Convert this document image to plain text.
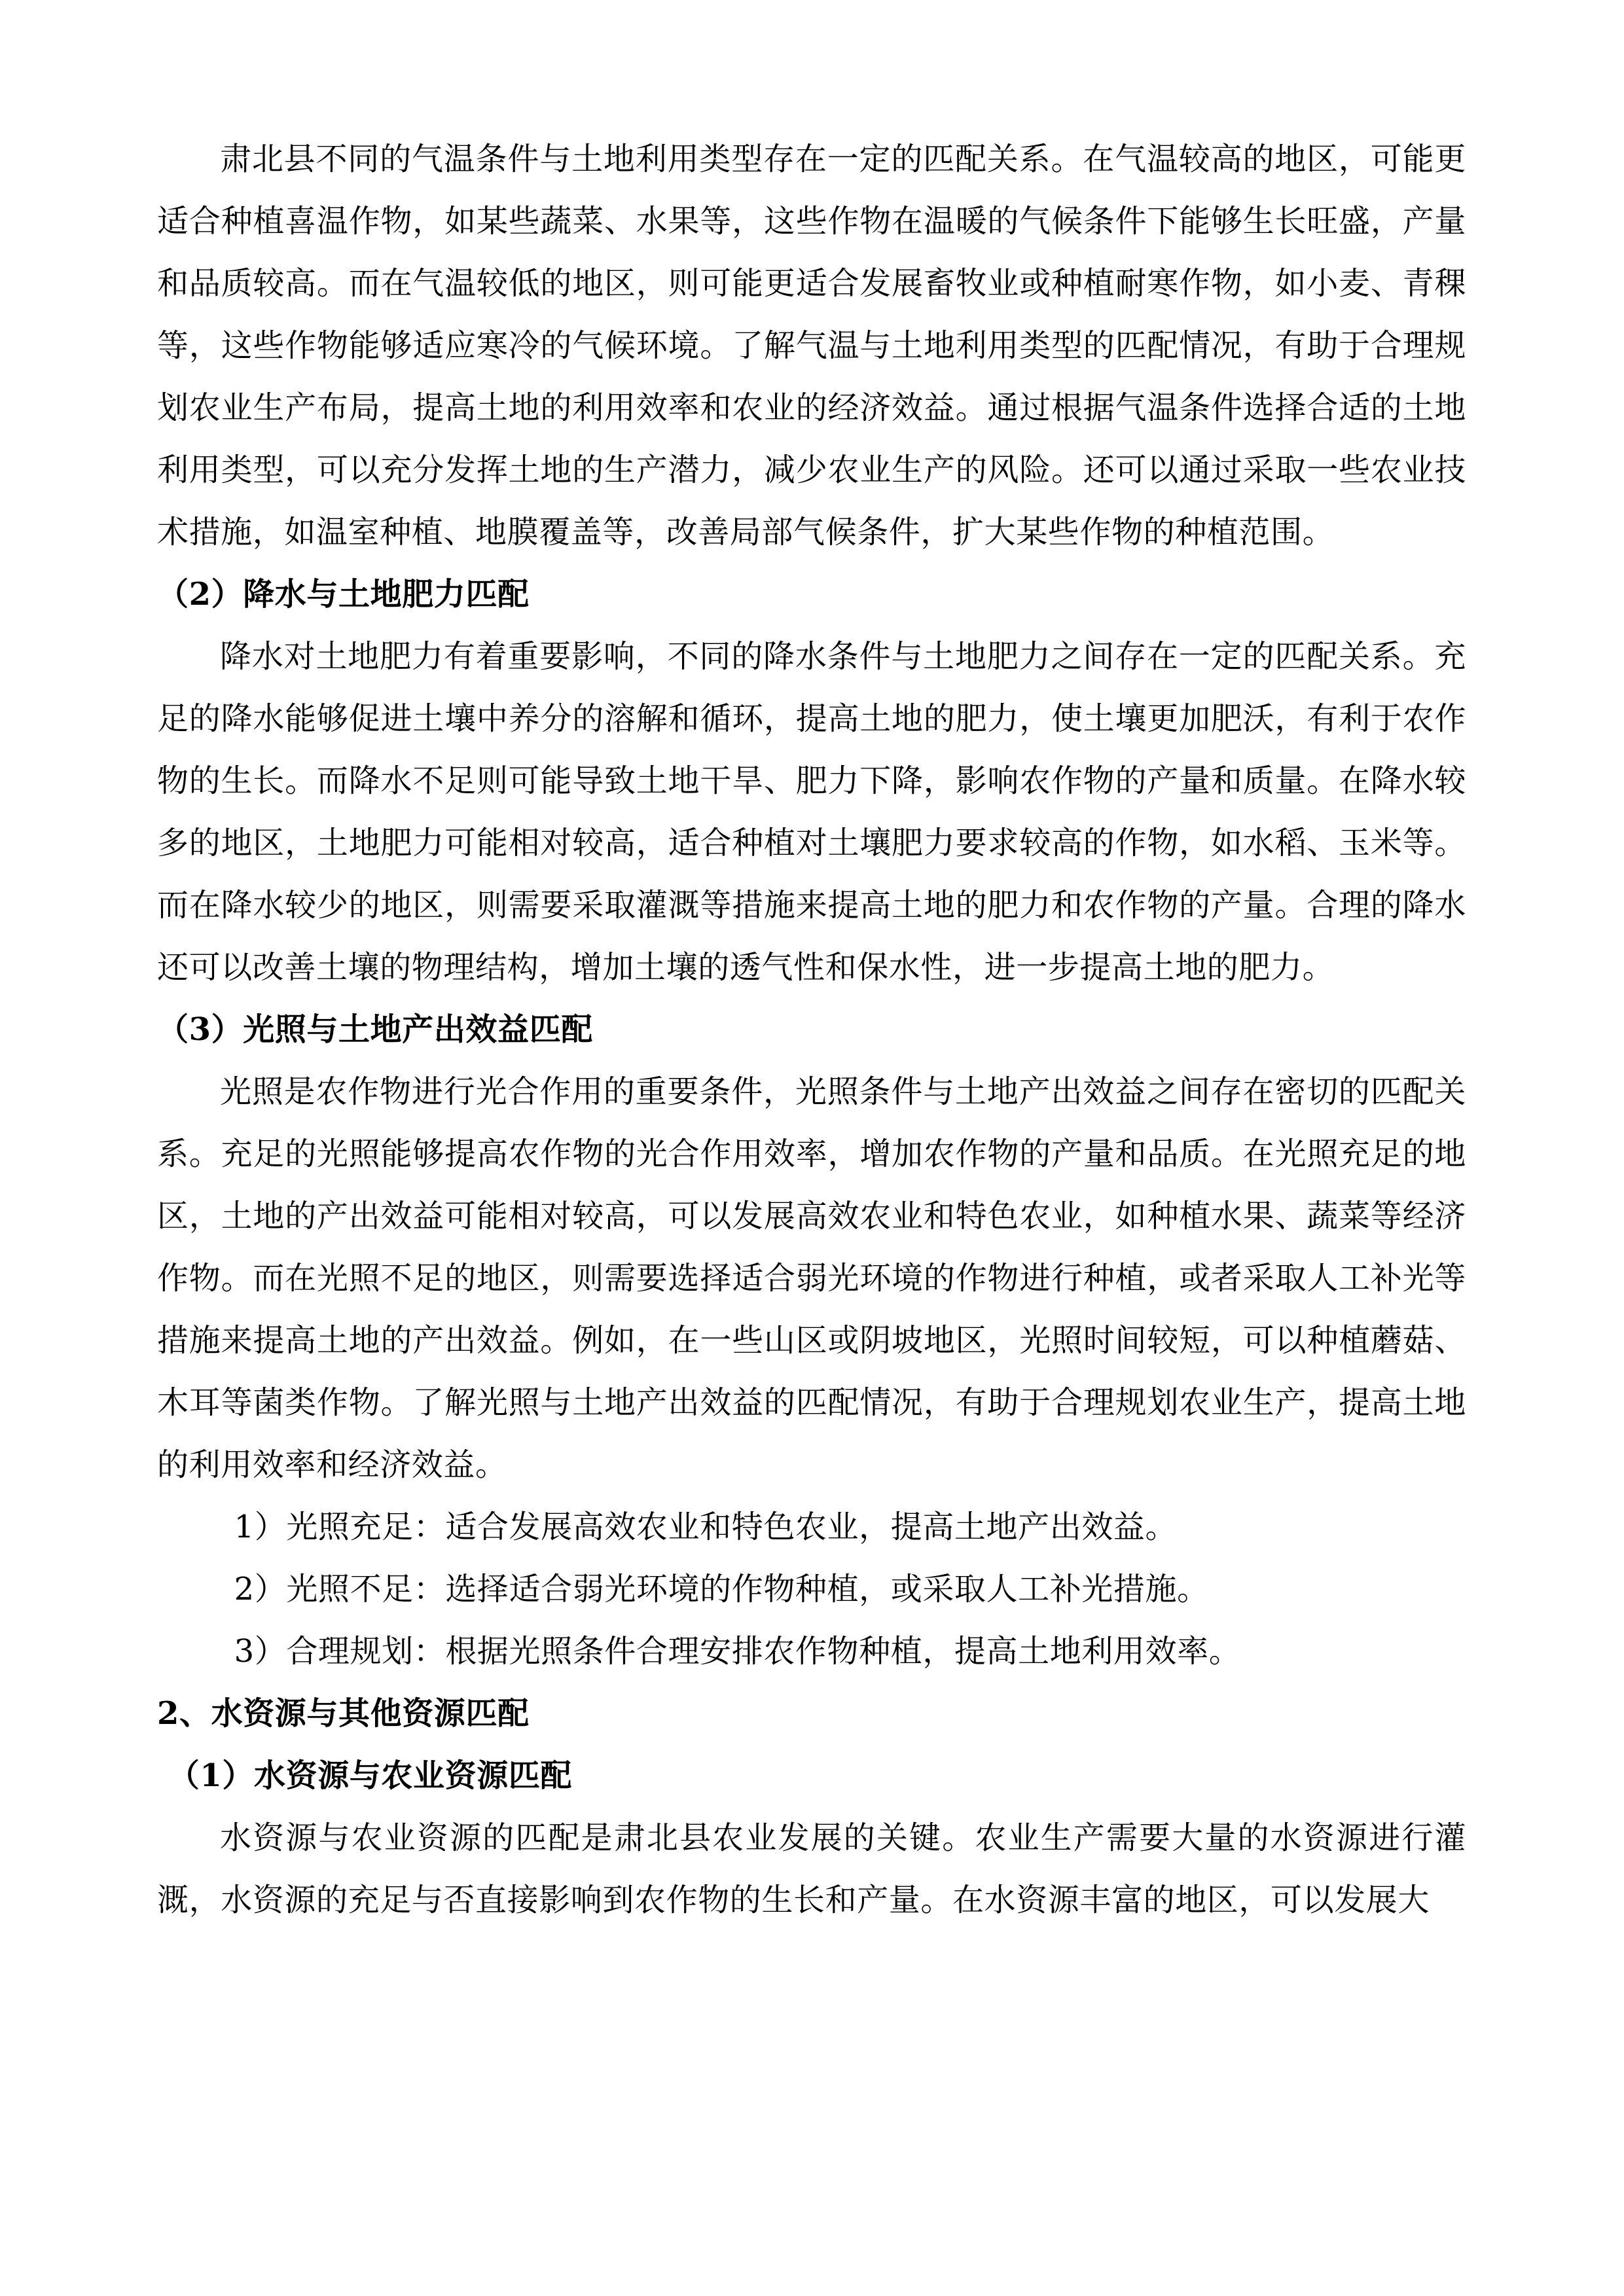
肃北县不同的气温条件与土地利用类型存在一定的匹配关系。在气温较高的地区，可能更适合种植喜温作物，如某些蔬菜、水果等，这些作物在温暖的气候条件下能够生长旺盛，产量和品质较高。而在气温较低的地区，则可能更适合发展畜牧业或种植耐寒作物，如小麦、青稞等，这些作物能够适应寒冷的气候环境。了解气温与土地利用类型的匹配情况，有助于合理规划农业生产布局，提高土地的利用效率和农业的经济效益。通过根据气温条件选择合适的土地利用类型，可以充分发挥土地的生产潜力，减少农业生产的风险。还可以通过采取一些农业技术措施，如温室种植、地膜覆盖等，改善局部气候条件，扩大某些作物的种植范围。

（2）降水与土地肥力匹配

降水对土地肥力有着重要影响，不同的降水条件与土地肥力之间存在一定的匹配关系。充足的降水能够促进土壤中养分的溶解和循环，提高土地的肥力，使土壤更加肥沃，有利于农作物的生长。而降水不足则可能导致土地干旱、肥力下降，影响农作物的产量和质量。在降水较多的地区，土地肥力可能相对较高，适合种植对土壤肥力要求较高的作物，如水稻、玉米等。而在降水较少的地区，则需要采取灌溉等措施来提高土地的肥力和农作物的产量。合理的降水还可以改善土壤的物理结构，增加土壤的透气性和保水性，进一步提高土地的肥力。

（3）光照与土地产出效益匹配

光照是农作物进行光合作用的重要条件，光照条件与土地产出效益之间存在密切的匹配关系。充足的光照能够提高农作物的光合作用效率，增加农作物的产量和品质。在光照充足的地区，土地的产出效益可能相对较高，可以发展高效农业和特色农业，如种植水果、蔬菜等经济作物。而在光照不足的地区，则需要选择适合弱光环境的作物进行种植，或者采取人工补光等措施来提高土地的产出效益。例如，在一些山区或阴坡地区，光照时间较短，可以种植蘑菇、木耳等菌类作物。了解光照与土地产出效益的匹配情况，有助于合理规划农业生产，提高土地的利用效率和经济效益。

1）光照充足：适合发展高效农业和特色农业，提高土地产出效益。

2）光照不足：选择适合弱光环境的作物种植，或采取人工补光措施。

3）合理规划：根据光照条件合理安排农作物种植，提高土地利用效率。

2、水资源与其他资源匹配

（1）水资源与农业资源匹配

水资源与农业资源的匹配是肃北县农业发展的关键。农业生产需要大量的水资源进行灌溉，水资源的充足与否直接影响到农作物的生长和产量。在水资源丰富的地区，可以发展大
